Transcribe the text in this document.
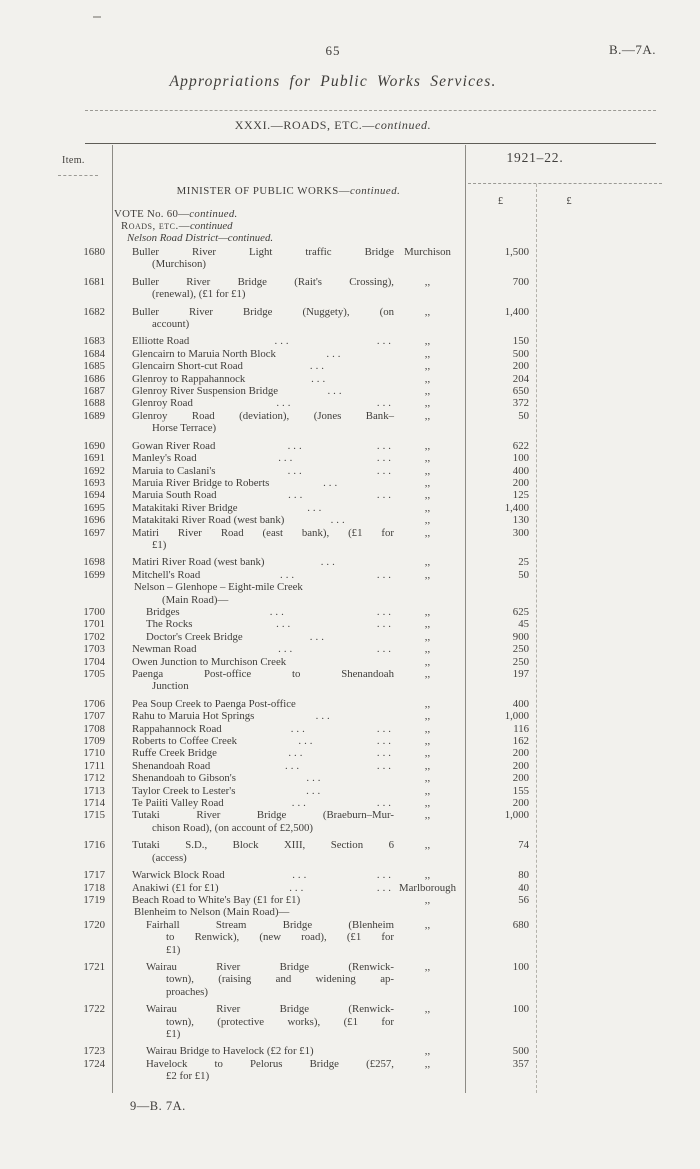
65	B.—7A.
Appropriations for Public Works Services.
XXXI.—ROADS, ETC.—continued.
Item.	1921–22.
MINISTER OF PUBLIC WORKS—continued.
£	£
VOTE No. 60—continued.
Roads, etc.—continued
Nelson Road District—continued.
1680	Buller River Light traffic Bridge
(Murchison)
Murchison	1,500
1681	Buller River Bridge (Rait's Crossing),
(renewal), (£1 for £1)
,,	700
1682	Buller River Bridge (Nuggety), (on
account)
,,	1,400
1683	Elliotte Road	...	...	,,	150
1684	Glencairn to Maruia North Block	...	,,	500
1685	Glencairn Short-cut Road	...	,,	200
1686	Glenroy to Rappahannock	...	,,	204
1687	Glenroy River Suspension Bridge	...	,,	650
1688	Glenroy Road	...	...	,,	372
1689	Glenroy Road (deviation), (Jones Bank–
Horse Terrace)
,,	50
1690	Gowan River Road	...	...	,,	622
1691	Manley's Road	...	...	,,	100
1692	Maruia to Caslani's	...	...	,,	400
1693	Maruia River Bridge to Roberts	...	,,	200
1694	Maruia South Road	...	...	,,	125
1695	Matakitaki River Bridge	...	,,	1,400
1696	Matakitaki River Road (west bank)	...	,,	130
1697	Matiri River Road (east bank), (£1 for
£1)
,,	300
1698	Matiri River Road (west bank)	...	,,	25
1699	Mitchell's Road	...	...	,,	50
Nelson – Glenhope – Eight-mile Creek
(Main Road)—
1700	Bridges	...	...	,,	625
1701	The Rocks	...	...	,,	45
1702	Doctor's Creek Bridge	...	,,	900
1703	Newman Road	...	...	,,	250
1704	Owen Junction to Murchison Creek	,,	250
1705	Paenga Post-office to Shenandoah
Junction
,,	197
1706	Pea Soup Creek to Paenga Post-office	,,	400
1707	Rahu to Maruia Hot Springs	...	,,	1,000
1708	Rappahannock Road	...	...	,,	116
1709	Roberts to Coffee Creek	...	...	,,	162
1710	Ruffe Creek Bridge	...	...	,,	200
1711	Shenandoah Road	...	...	,,	200
1712	Shenandoah to Gibson's	...	,,	200
1713	Taylor Creek to Lester's	...	,,	155
1714	Te Paiiti Valley Road	...	...	,,	200
1715	Tutaki River Bridge (Braeburn–Mur-
chison Road), (on account of £2,500)
,,	1,000
1716	Tutaki S.D., Block XIII, Section 6
(access)
,,	74
1717	Warwick Block Road	...	...	,,	80
1718	Anakiwi (£1 for £1)	...	... Marlborough	40
1719	Beach Road to White's Bay (£1 for £1)	,,	56
Blenheim to Nelson (Main Road)—
1720	Fairhall Stream Bridge (Blenheim
to Renwick), (new road), (£1 for
£1)
,,	680
1721	Wairau River Bridge (Renwick-
town), (raising and widening ap-
proaches)
,,	100
1722	Wairau River Bridge (Renwick-
town), (protective works), (£1 for
£1)
,,	100
1723	Wairau Bridge to Havelock (£2 for £1)	,,	500
1724	Havelock to Pelorus Bridge (£257,
£2 for £1)
,,	357
9—B. 7A.
